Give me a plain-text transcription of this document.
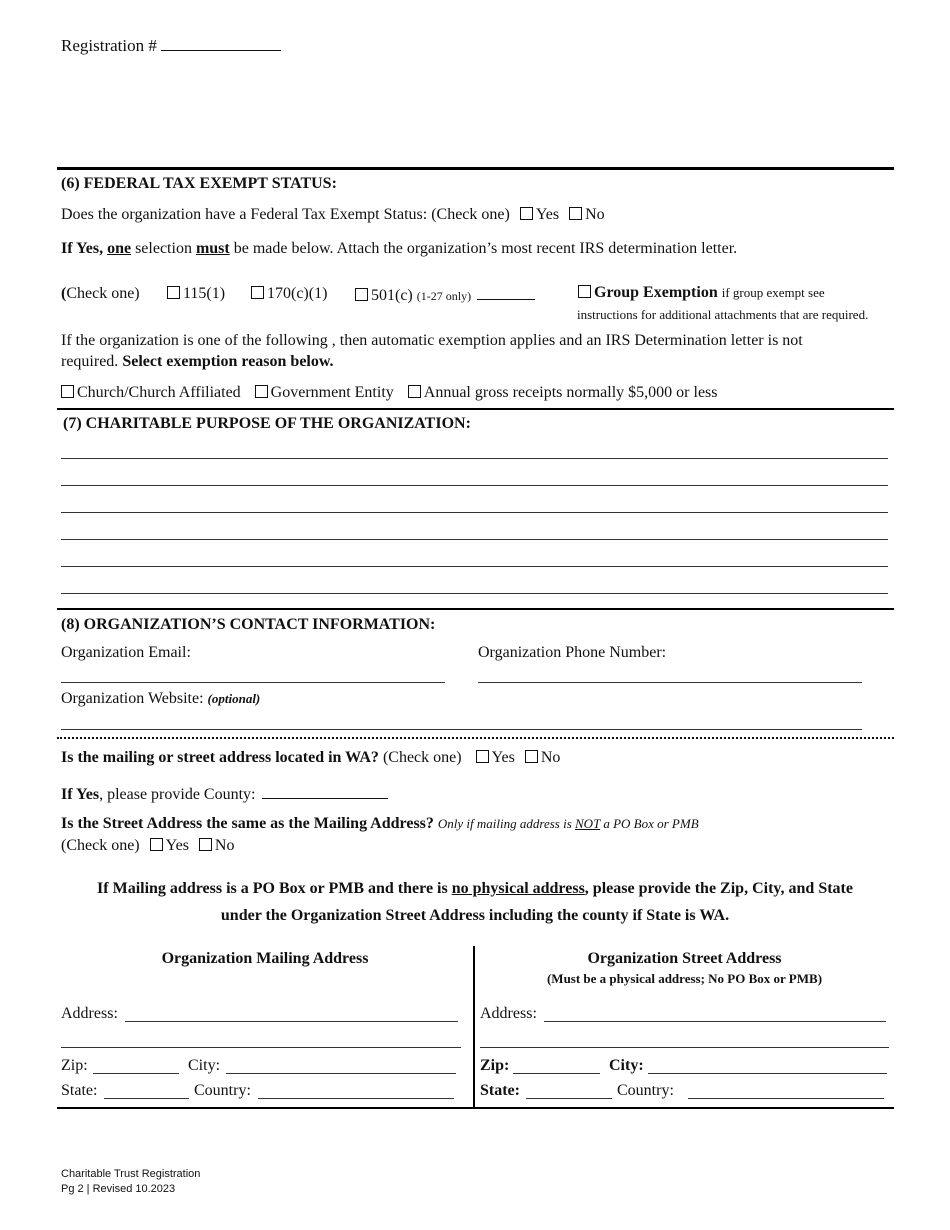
Registration #
(6) FEDERAL TAX EXEMPT STATUS:
Does the organization have a Federal Tax Exempt Status: (Check one) Yes No
If Yes, one selection must be made below. Attach the organization’s most recent IRS determination letter.
(Check one)	115(1)	170(c)(1)	501(c) (1-27 only)	Group Exemption if group exempt see
instructions for additional attachments that are required.
If the organization is one of the following , then automatic exemption applies and an IRS Determination letter is not
required. Select exemption reason below.
Church/Church Affiliated Government Entity Annual gross receipts normally $5,000 or less
(7) CHARITABLE PURPOSE OF THE ORGANIZATION:
(8) ORGANIZATION’S CONTACT INFORMATION:
Organization Email:	Organization Phone Number:
Organization Website: (optional)
Is the mailing or street address located in WA? (Check one) Yes No
If Yes, please provide County:
Is the Street Address the same as the Mailing Address? Only if mailing address is NOT a PO Box or PMB
(Check one) Yes No
If Mailing address is a PO Box or PMB and there is no physical address, please provide the Zip, City, and State
under the Organization Street Address including the county if State is WA.
Organization Mailing Address	Organization Street Address
(Must be a physical address; No PO Box or PMB)
Address:
Zip:	City:
State:	Country:
Address:
Zip:	City:
State:	Country:
Charitable Trust Registration
Pg 2 | Revised 10.2023
